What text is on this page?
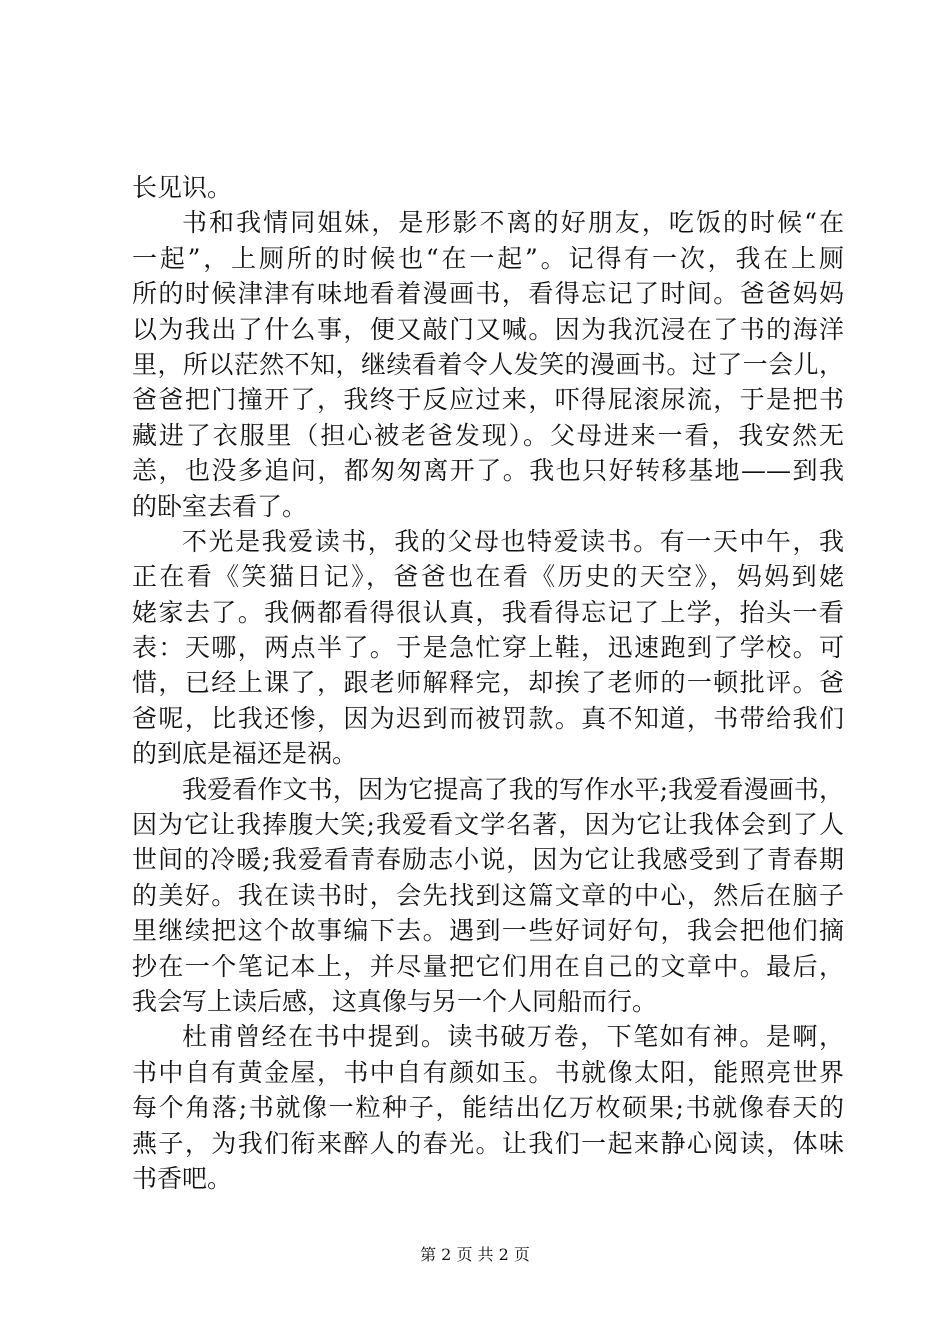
长见识。
书和我情同姐妹，是形影不离的好朋友，吃饭的时候“在
一起”，上厕所的时候也“在一起”。记得有一次，我在上厕
所的时候津津有味地看着漫画书，看得忘记了时间。爸爸妈妈
以为我出了什么事，便又敲门又喊。因为我沉浸在了书的海洋
里，所以茫然不知，继续看着令人发笑的漫画书。过了一会儿，
爸爸把门撞开了，我终于反应过来，吓得屁滚尿流，于是把书
藏进了衣服里（担心被老爸发现）。父母进来一看，我安然无
恙，也没多追问，都匆匆离开了。我也只好转移基地——到我
的卧室去看了。
不光是我爱读书，我的父母也特爱读书。有一天中午，我
正在看《笑猫日记》，爸爸也在看《历史的天空》，妈妈到姥
姥家去了。我俩都看得很认真，我看得忘记了上学，抬头一看
表：天哪，两点半了。于是急忙穿上鞋，迅速跑到了学校。可
惜，已经上课了，跟老师解释完，却挨了老师的一顿批评。爸
爸呢，比我还惨，因为迟到而被罚款。真不知道，书带给我们
的到底是福还是祸。
我爱看作文书，因为它提高了我的写作水平;我爱看漫画书，
因为它让我捧腹大笑;我爱看文学名著，因为它让我体会到了人
世间的冷暖;我爱看青春励志小说，因为它让我感受到了青春期
的美好。我在读书时，会先找到这篇文章的中心，然后在脑子
里继续把这个故事编下去。遇到一些好词好句，我会把他们摘
抄在一个笔记本上，并尽量把它们用在自己的文章中。最后，
我会写上读后感，这真像与另一个人同船而行。
杜甫曾经在书中提到。读书破万卷，下笔如有神。是啊，
书中自有黄金屋，书中自有颜如玉。书就像太阳，能照亮世界
每个角落;书就像一粒种子，能结出亿万枚硕果;书就像春天的
燕子，为我们衔来醉人的春光。让我们一起来静心阅读，体味
书香吧。
第 2 页 共 2 页
